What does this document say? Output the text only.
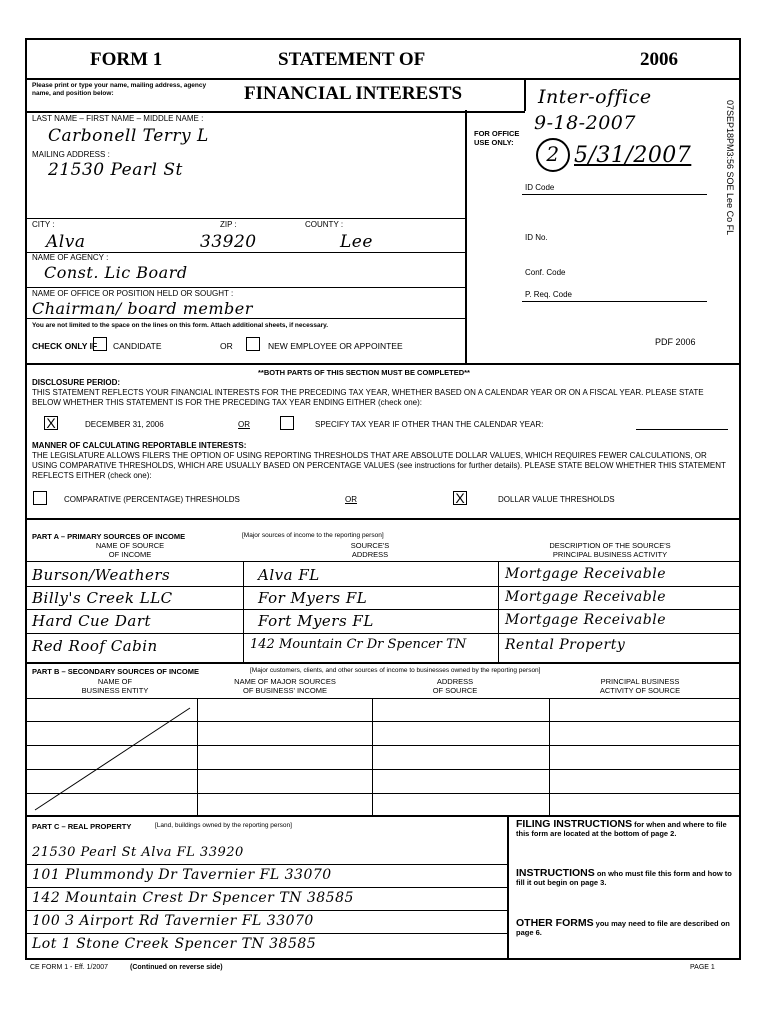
FORM 1	STATEMENT OF	2006
Please print or type your name, mailing address, agency name, and position below:	FINANCIAL INTERESTS
FOR OFFICE
USE ONLY:
Inter-office
9-18-2007
2 5/31/2007	07SEP18PM3:56 SOE Lee Co FL
ID Code
ID No.
Conf. Code
P. Req. Code
PDF 2006
LAST NAME – FIRST NAME – MIDDLE NAME :
Carbonell Terry L
MAILING ADDRESS :
21530 Pearl St
CITY :
Alva
ZIP :
33920
COUNTY :
Lee
NAME OF AGENCY :
Const. Lic Board
NAME OF OFFICE OR POSITION HELD OR SOUGHT :
Chairman/ board member
You are not limited to the space on the lines on this form. Attach additional sheets, if necessary.
CHECK ONLY IF CANDIDATE	OR	NEW EMPLOYEE OR APPOINTEE
**BOTH PARTS OF THIS SECTION MUST BE COMPLETED**
DISCLOSURE PERIOD:
THIS STATEMENT REFLECTS YOUR FINANCIAL INTERESTS FOR THE PRECEDING TAX YEAR, WHETHER BASED ON A CALENDAR YEAR OR ON A FISCAL YEAR. PLEASE STATE BELOW WHETHER THIS STATEMENT IS FOR THE PRECEDING TAX YEAR ENDING EITHER (check one):
X	DECEMBER 31, 2006	OR	SPECIFY TAX YEAR IF OTHER THAN THE CALENDAR YEAR:
MANNER OF CALCULATING REPORTABLE INTERESTS:
THE LEGISLATURE ALLOWS FILERS THE OPTION OF USING REPORTING THRESHOLDS THAT ARE ABSOLUTE DOLLAR VALUES, WHICH REQUIRES FEWER CALCULATIONS, OR USING COMPARATIVE THRESHOLDS, WHICH ARE USUALLY BASED ON PERCENTAGE VALUES (see instructions for further details). PLEASE STATE BELOW WHETHER THIS STATEMENT REFLECTS EITHER (check one):
COMPARATIVE (PERCENTAGE) THRESHOLDS	OR	X	DOLLAR VALUE THRESHOLDS
PART A – PRIMARY SOURCES OF INCOME	[Major sources of income to the reporting person]
NAME OF SOURCE
OF INCOME
SOURCE'S
ADDRESS
DESCRIPTION OF THE SOURCE'S
PRINCIPAL BUSINESS ACTIVITY
Burson/Weathers	Alva FL	Mortgage Receivable
Billy's Creek LLC	For Myers FL	Mortgage Receivable
Hard Cue Dart	Fort Myers FL	Mortgage Receivable
Red Roof Cabin	142 Mountain Cr Dr Spencer TN	Rental Property
PART B – SECONDARY SOURCES OF INCOME	[Major customers, clients, and other sources of income to businesses owned by the reporting person]
NAME OF
BUSINESS ENTITY
NAME OF MAJOR SOURCES
OF BUSINESS' INCOME
ADDRESS
OF SOURCE
PRINCIPAL BUSINESS
ACTIVITY OF SOURCE
PART C – REAL PROPERTY	[Land, buildings owned by the reporting person]
21530 Pearl St Alva FL 33920
101 Plummondy Dr Tavernier FL 33070
142 Mountain Crest Dr Spencer TN 38585
100 3 Airport Rd Tavernier FL 33070
Lot 1 Stone Creek Spencer TN 38585
FILING INSTRUCTIONS for when and where to file this form are located at the bottom of page 2.
INSTRUCTIONS on who must file this form and how to fill it out begin on page 3.
OTHER FORMS you may need to file are described on page 6.
CE FORM 1 - Eff. 1/2007	(Continued on reverse side)	PAGE 1
